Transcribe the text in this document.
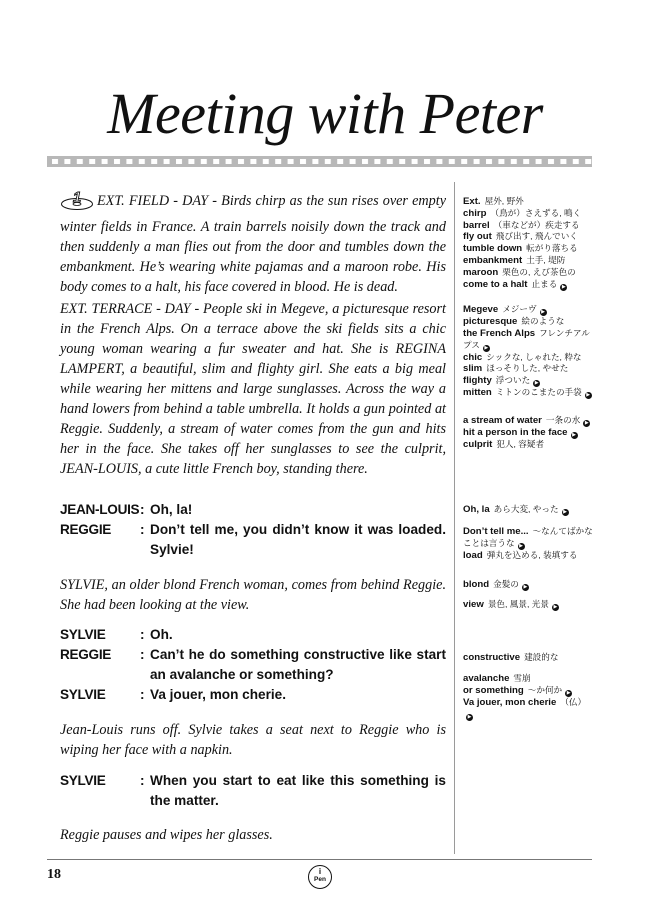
Meeting with Peter

1 EXT. FIELD - DAY - Birds chirp as the sun rises over empty winter fields in France. A train barrels noisily down the track and then suddenly a man flies out from the door and tumbles down the embankment. He’s wearing white pajamas and a maroon robe. His body comes to a halt, his face covered in blood. He is dead.

EXT. TERRACE - DAY - People ski in Megeve, a picturesque resort in the French Alps. On a terrace above the ski fields sits a chic young woman wearing a fur sweater and hat. She is REGINA LAMPERT, a beautiful, slim and flighty girl. She eats a big meal while wearing her mittens and large sunglasses. Across the way a hand lowers from behind a table umbrella. It holds a gun pointed at Reggie. Suddenly, a stream of water comes from the gun and hits her in the face. She takes off her sunglasses to see the culprit, JEAN-LOUIS, a cute little French boy, standing there.

JEAN-LOUIS : Oh, la!
REGGIE	: Don’t tell me, you didn’t know it was loaded. Sylvie!

SYLVIE, an older blond French woman, comes from behind Reggie. She had been looking at the view.

SYLVIE	: Oh.
REGGIE	: Can’t he do something constructive like start an avalanche or something?
SYLVIE	: Va jouer, mon cherie.

Jean-Louis runs off. Sylvie takes a seat next to Reggie who is wiping her face with a napkin.

SYLVIE	: When you start to eat like this something is the matter.

Reggie pauses and wipes her glasses.

Ext. 屋外, 野外

chirp （鳥が）さえずる, 鳴く

barrel （車などが）疾走する

fly out 飛び出す, 飛んでいく

tumble down 転がり落ちる

embankment 土手, 堤防

maroon 栗色の, えび茶色の

come to a halt 止まる ▶

Megeve メジーヴ ▶

picturesque 絵のような

the French Alps フレンチアルプス ▶

chic シックな, しゃれた, 粋な

slim ほっそりした, やせた

flighty 浮ついた ▶

mitten ミトンのこまたの手袋 ▶

a stream of water 一条の水 ▶

hit a person in the face ▶

culprit 犯人, 容疑者

Oh, la あら大変, やった ▶

Don’t tell me... 〜なんてばかなことは言うな ▶

load 弾丸を込める, 装填する

blond 金髪の ▶

view 景色, 風景, 光景 ▶

constructive 建設的な

avalanche 雪崩

or something 〜か何か ▶

Va jouer, mon cherie （仏）▶

18	i
Pen
